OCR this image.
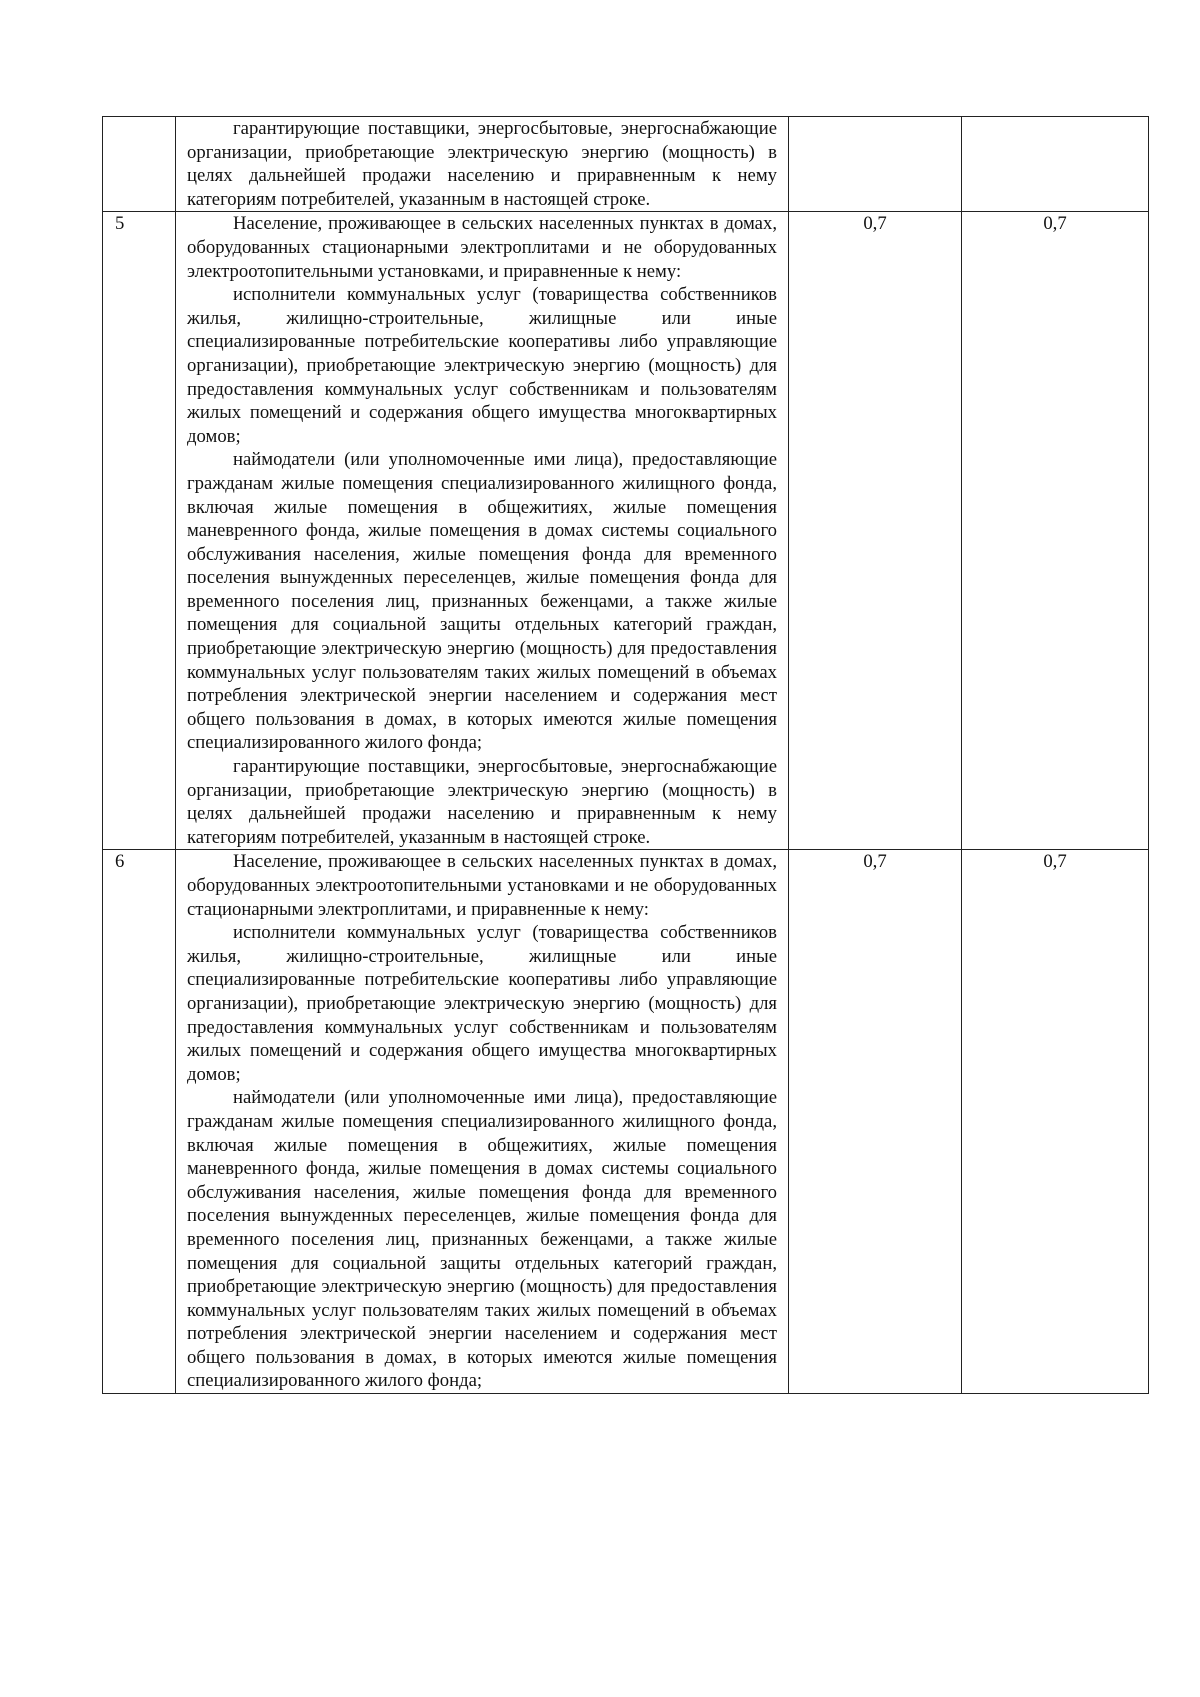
	гарантирующие поставщики, энергосбытовые, энергоснабжающие организации, приобретающие электрическую энергию (мощность) в целях дальнейшей продажи населению и приравненным к нему категориям потребителей, указанным в настоящей строке.		

5	Население, проживающее в сельских населенных пунктах в домах, оборудованных стационарными электроплитами и не оборудованных электроотопительными установками, и приравненные к нему:

исполнители коммунальных услуг (товарищества собственников жилья, жилищно-строительные, жилищные или иные специализированные потребительские кооперативы либо управляющие организации), приобретающие электрическую энергию (мощность) для предоставления коммунальных услуг собственникам и пользователям жилых помещений и содержания общего имущества многоквартирных домов;

наймодатели (или уполномоченные ими лица), предоставляющие гражданам жилые помещения специализированного жилищного фонда, включая жилые помещения в общежитиях, жилые помещения маневренного фонда, жилые помещения в домах системы социального обслуживания населения, жилые помещения фонда для временного поселения вынужденных переселенцев, жилые помещения фонда для временного поселения лиц, признанных беженцами, а также жилые помещения для социальной защиты отдельных категорий граждан, приобретающие электрическую энергию (мощность) для предоставления коммунальных услуг пользователям таких жилых помещений в объемах потребления электрической энергии населением и содержания мест общего пользования в домах, в которых имеются жилые помещения специализированного жилого фонда;

гарантирующие поставщики, энергосбытовые, энергоснабжающие организации, приобретающие электрическую энергию (мощность) в целях дальнейшей продажи населению и приравненным к нему категориям потребителей, указанным в настоящей строке.	0,7	0,7

6	Население, проживающее в сельских населенных пунктах в домах, оборудованных электроотопительными установками и не оборудованных стационарными электроплитами, и приравненные к нему:

исполнители коммунальных услуг (товарищества собственников жилья, жилищно-строительные, жилищные или иные специализированные потребительские кооперативы либо управляющие организации), приобретающие электрическую энергию (мощность) для предоставления коммунальных услуг собственникам и пользователям жилых помещений и содержания общего имущества многоквартирных домов;

наймодатели (или уполномоченные ими лица), предоставляющие гражданам жилые помещения специализированного жилищного фонда, включая жилые помещения в общежитиях, жилые помещения маневренного фонда, жилые помещения в домах системы социального обслуживания населения, жилые помещения фонда для временного поселения вынужденных переселенцев, жилые помещения фонда для временного поселения лиц, признанных беженцами, а также жилые помещения для социальной защиты отдельных категорий граждан, приобретающие электрическую энергию (мощность) для предоставления коммунальных услуг пользователям таких жилых помещений в объемах потребления электрической энергии населением и содержания мест общего пользования в домах, в которых имеются жилые помещения специализированного жилого фонда;	0,7	0,7
